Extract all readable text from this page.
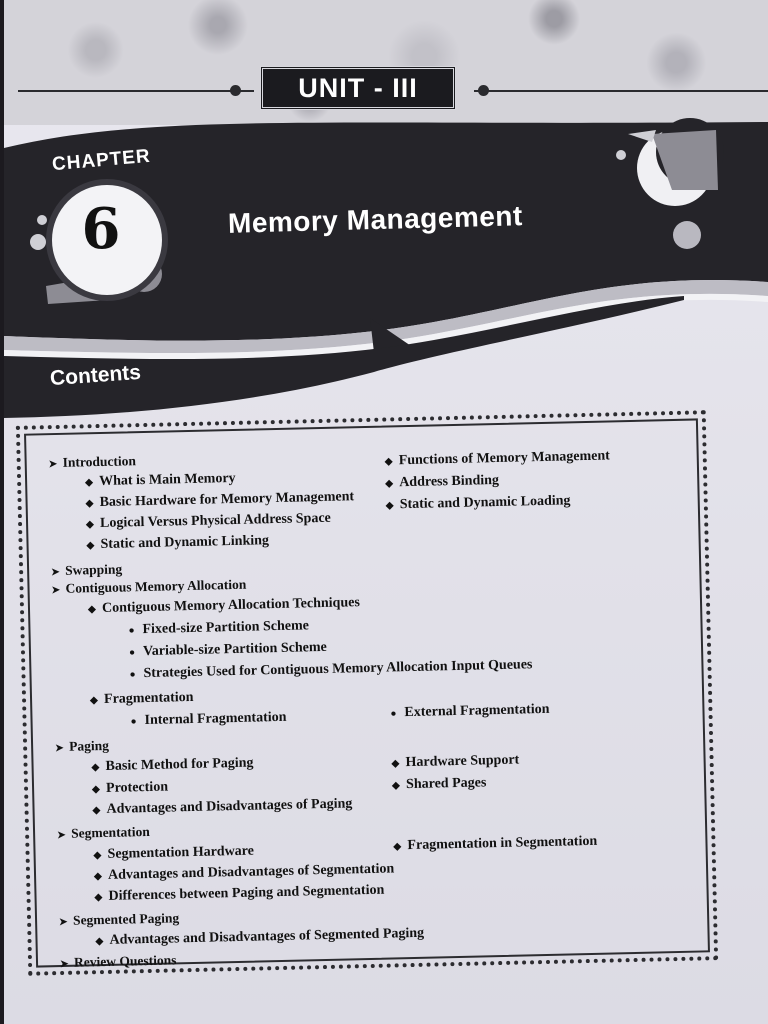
UNIT - III
CHAPTER
6	Memory Management
Contents
➤ Introduction
◆ What is Main Memory
◆ Basic Hardware for Memory Management
◆ Logical Versus Physical Address Space
◆ Static and Dynamic Linking
➤ Swapping
➤ Contiguous Memory Allocation
◆ Contiguous Memory Allocation Techniques
● Fixed-size Partition Scheme
● Variable-size Partition Scheme
● Strategies Used for Contiguous Memory Allocation Input Queues
◆ Fragmentation
● Internal Fragmentation
➤ Paging
◆ Basic Method for Paging
◆ Protection
◆ Advantages and Disadvantages of Paging
➤ Segmentation
◆ Segmentation Hardware
◆ Advantages and Disadvantages of Segmentation
◆ Differences between Paging and Segmentation
➤ Segmented Paging
◆ Advantages and Disadvantages of Segmented Paging
➤ Review Questions
◆ Functions of Memory Management
◆ Address Binding
◆ Static and Dynamic Loading
● External Fragmentation
◆ Hardware Support
◆ Shared Pages
◆ Fragmentation in Segmentation
